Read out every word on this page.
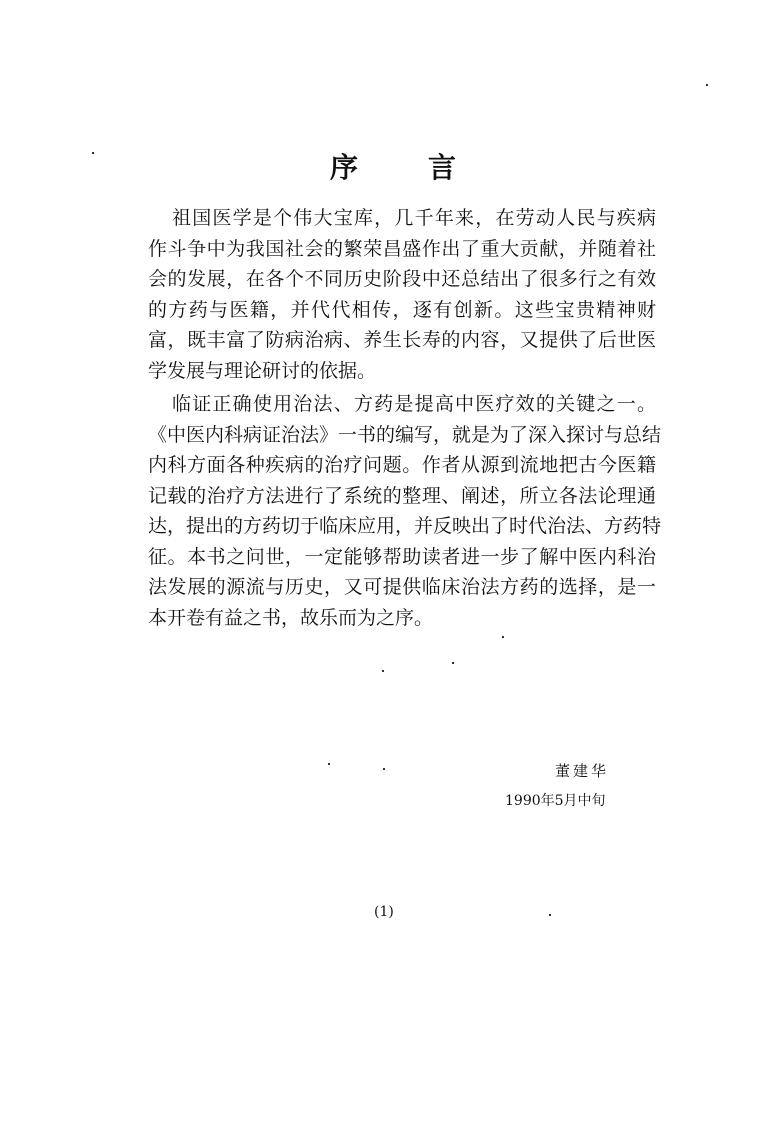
序 言
祖国医学是个伟大宝库，几千年来，在劳动人民与疾病
作斗争中为我国社会的繁荣昌盛作出了重大贡献，并随着社
会的发展，在各个不同历史阶段中还总结出了很多行之有效
的方药与医籍，并代代相传，逐有创新。这些宝贵精神财
富，既丰富了防病治病、养生长寿的内容，又提供了后世医
学发展与理论研讨的依据。
临证正确使用治法、方药是提高中医疗效的关键之一。
《中医内科病证治法》一书的编写，就是为了深入探讨与总结
内科方面各种疾病的治疗问题。作者从源到流地把古今医籍
记载的治疗方法进行了系统的整理、阐述，所立各法论理通
达，提出的方药切于临床应用，并反映出了时代治法、方药特
征。本书之问世，一定能够帮助读者进一步了解中医内科治
法发展的源流与历史，又可提供临床治法方药的选择，是一
本开卷有益之书，故乐而为之序。
董建华
1990年5月中旬
(1)
